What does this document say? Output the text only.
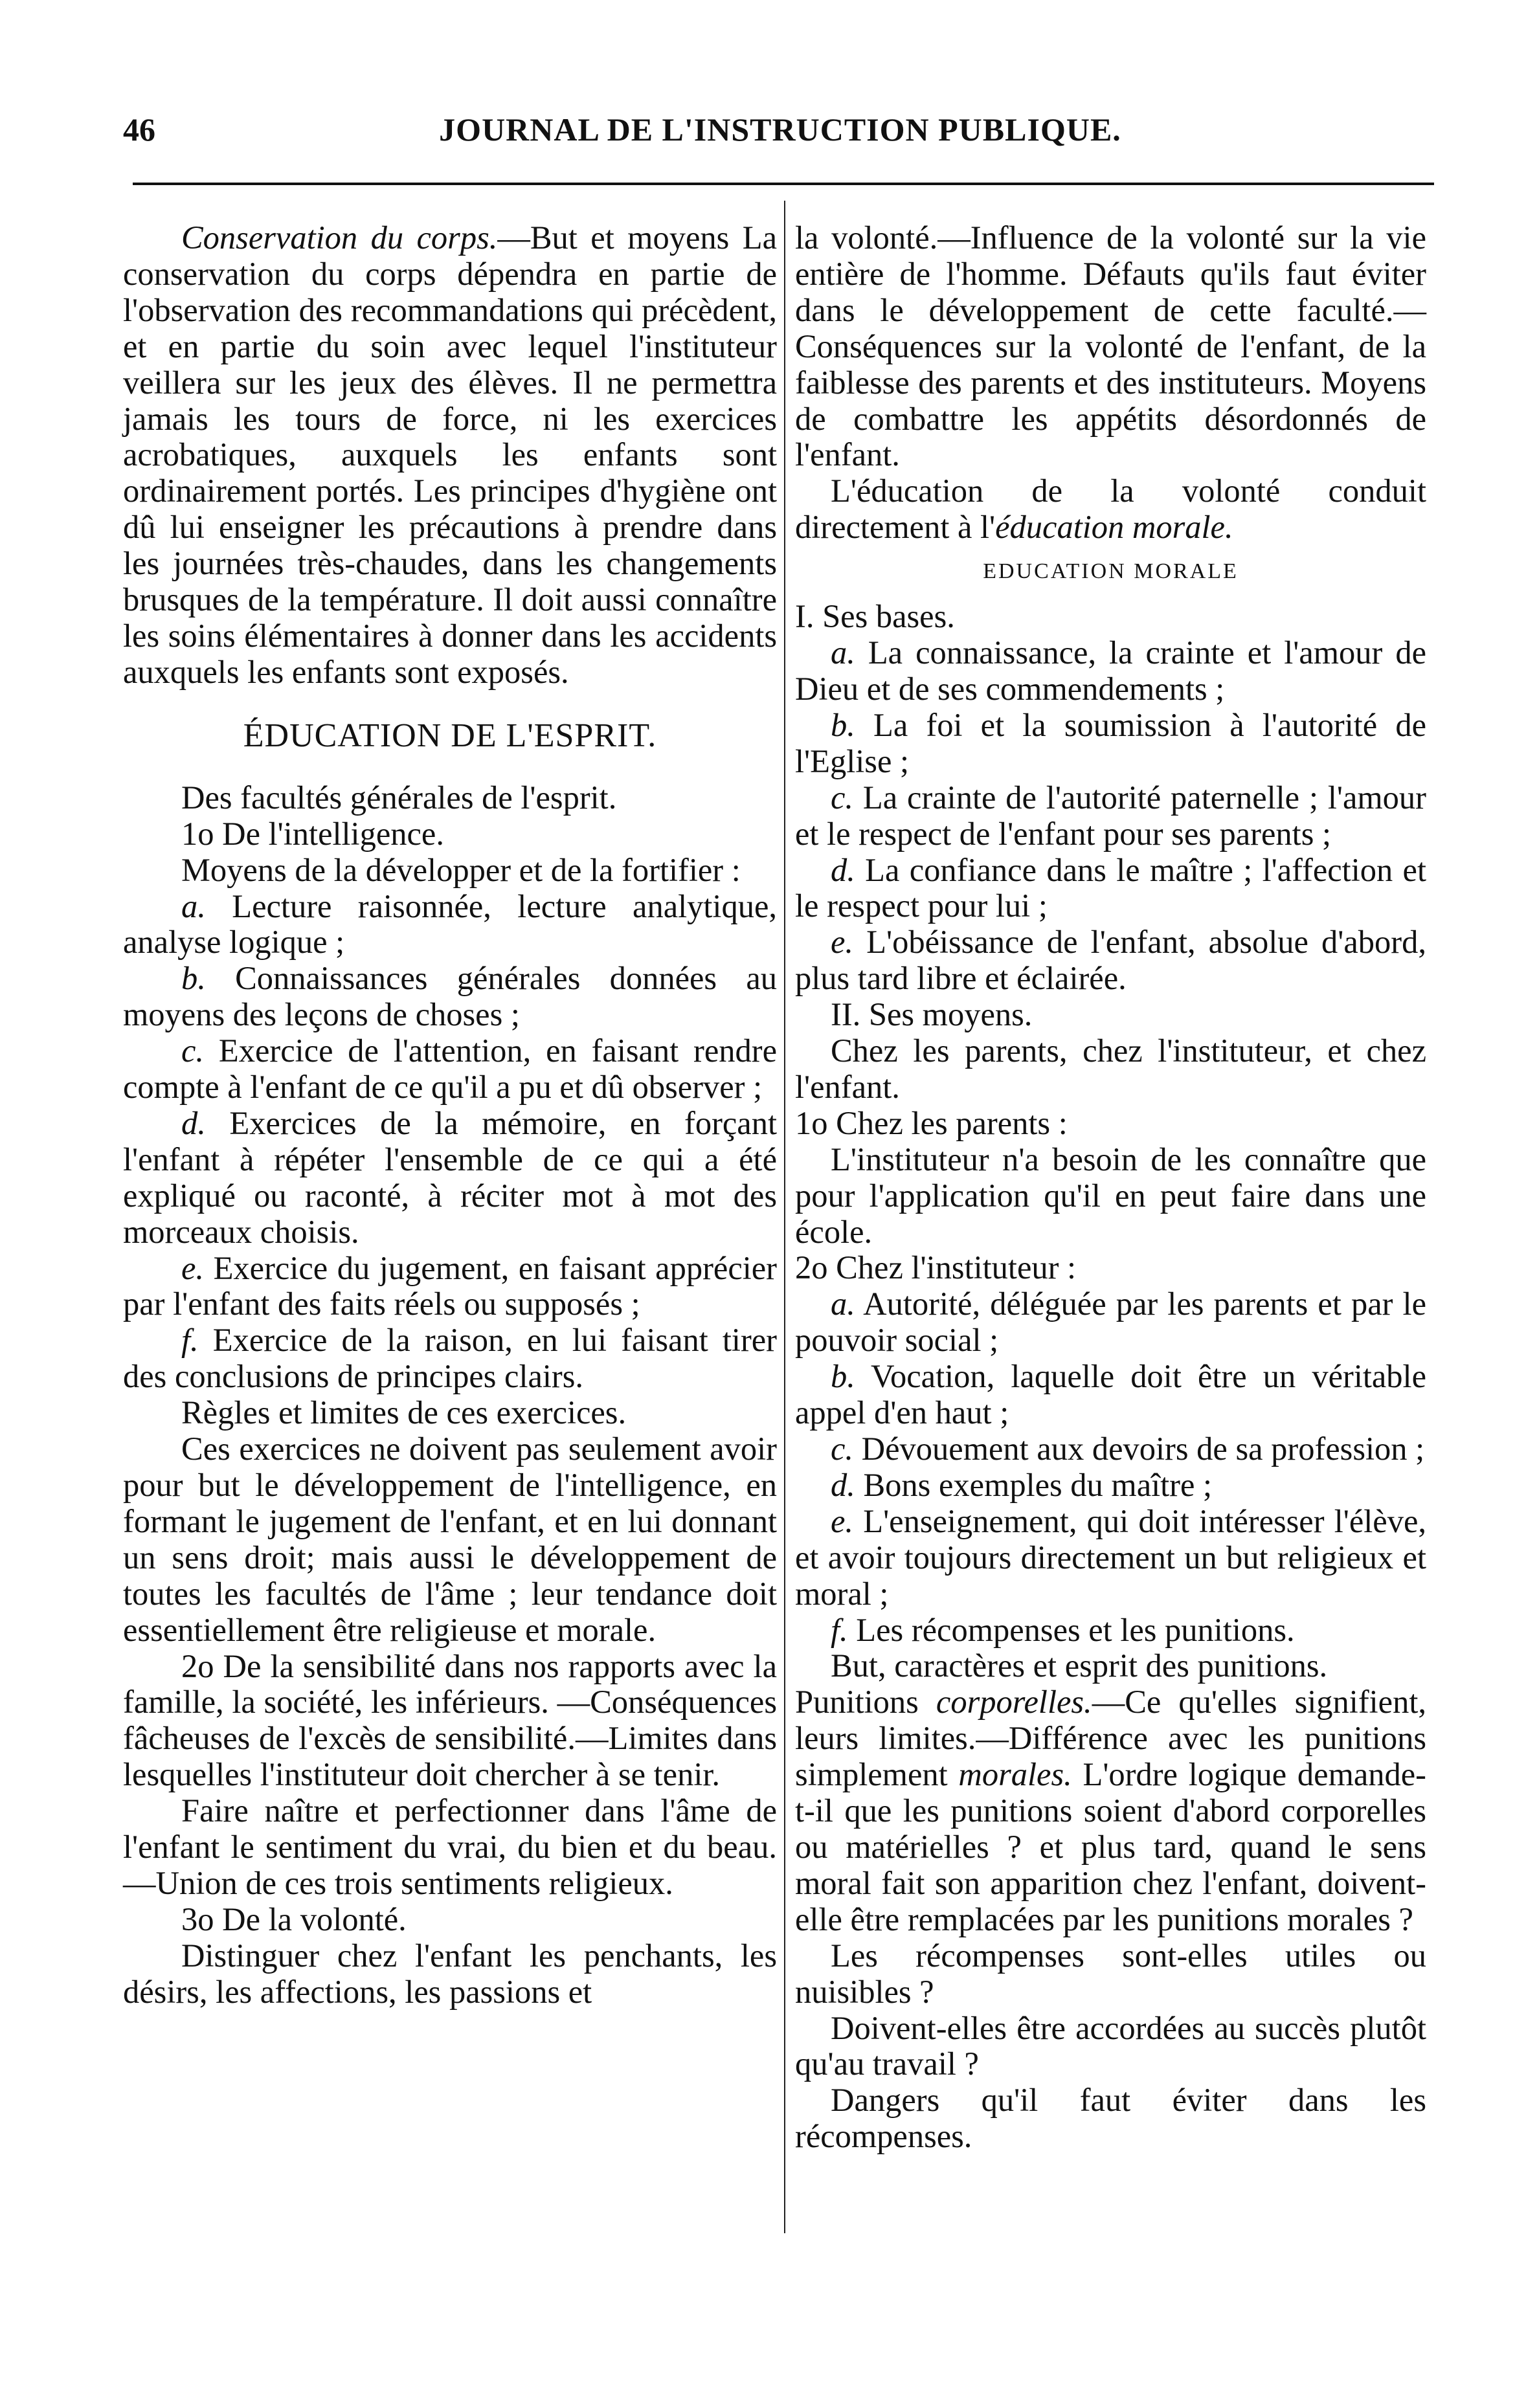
46	JOURNAL DE L'INSTRUCTION PUBLIQUE.

Conservation du corps.—But et moyens La conservation du corps dépendra en partie de l'observation des recommandations qui précèdent, et en partie du soin avec lequel l'instituteur veillera sur les jeux des élèves. Il ne permettra jamais les tours de force, ni les exercices acrobatiques, auxquels les enfants sont ordinairement portés. Les principes d'hygiène ont dû lui enseigner les précautions à prendre dans les journées très-chaudes, dans les changements brusques de la température. Il doit aussi connaître les soins élémentaires à donner dans les accidents auxquels les enfants sont exposés.

ÉDUCATION DE L'ESPRIT.

Des facultés générales de l'esprit.

1o De l'intelligence.

Moyens de la développer et de la fortifier :

a. Lecture raisonnée, lecture analytique, analyse logique ;

b. Connaissances générales données au moyens des leçons de choses ;

c. Exercice de l'attention, en faisant rendre compte à l'enfant de ce qu'il a pu et dû observer ;

d. Exercices de la mémoire, en forçant l'enfant à répéter l'ensemble de ce qui a été expliqué ou raconté, à réciter mot à mot des morceaux choisis.

e. Exercice du jugement, en faisant apprécier par l'enfant des faits réels ou supposés ;

f. Exercice de la raison, en lui faisant tirer des conclusions de principes clairs.

Règles et limites de ces exercices.

Ces exercices ne doivent pas seulement avoir pour but le développement de l'intelligence, en formant le jugement de l'enfant, et en lui donnant un sens droit; mais aussi le développement de toutes les facultés de l'âme ; leur tendance doit essentiellement être religieuse et morale.

2o De la sensibilité dans nos rapports avec la famille, la société, les inférieurs. —Conséquences fâcheuses de l'excès de sensibilité.—Limites dans lesquelles l'instituteur doit chercher à se tenir.

Faire naître et perfectionner dans l'âme de l'enfant le sentiment du vrai, du bien et du beau.—Union de ces trois sentiments religieux.

3o De la volonté.

Distinguer chez l'enfant les penchants, les désirs, les affections, les passions et

la volonté.—Influence de la volonté sur la vie entière de l'homme. Défauts qu'ils faut éviter dans le développement de cette faculté.—Conséquences sur la volonté de l'enfant, de la faiblesse des parents et des instituteurs. Moyens de combattre les appétits désordonnés de l'enfant.

L'éducation de la volonté conduit directement à l'éducation morale.

EDUCATION MORALE

I. Ses bases.

a. La connaissance, la crainte et l'amour de Dieu et de ses commendements ;

b. La foi et la soumission à l'autorité de l'Eglise ;

c. La crainte de l'autorité paternelle ; l'amour et le respect de l'enfant pour ses parents ;

d. La confiance dans le maître ; l'affection et le respect pour lui ;

e. L'obéissance de l'enfant, absolue d'abord, plus tard libre et éclairée.

II. Ses moyens.

Chez les parents, chez l'instituteur, et chez l'enfant.

1o Chez les parents :

L'instituteur n'a besoin de les connaître que pour l'application qu'il en peut faire dans une école.

2o Chez l'instituteur :

a. Autorité, déléguée par les parents et par le pouvoir social ;

b. Vocation, laquelle doit être un véritable appel d'en haut ;

c. Dévouement aux devoirs de sa profession ;

d. Bons exemples du maître ;

e. L'enseignement, qui doit intéresser l'élève, et avoir toujours directement un but religieux et moral ;

f. Les récompenses et les punitions.

But, caractères et esprit des punitions.

Punitions corporelles.—Ce qu'elles signifient, leurs limites.—Différence avec les punitions simplement morales. L'ordre logique demande-t-il que les punitions soient d'abord corporelles ou matérielles ? et plus tard, quand le sens moral fait son apparition chez l'enfant, doivent-elle être remplacées par les punitions morales ?

Les récompenses sont-elles utiles ou nuisibles ?

Doivent-elles être accordées au succès plutôt qu'au travail ?

Dangers qu'il faut éviter dans les récompenses.
